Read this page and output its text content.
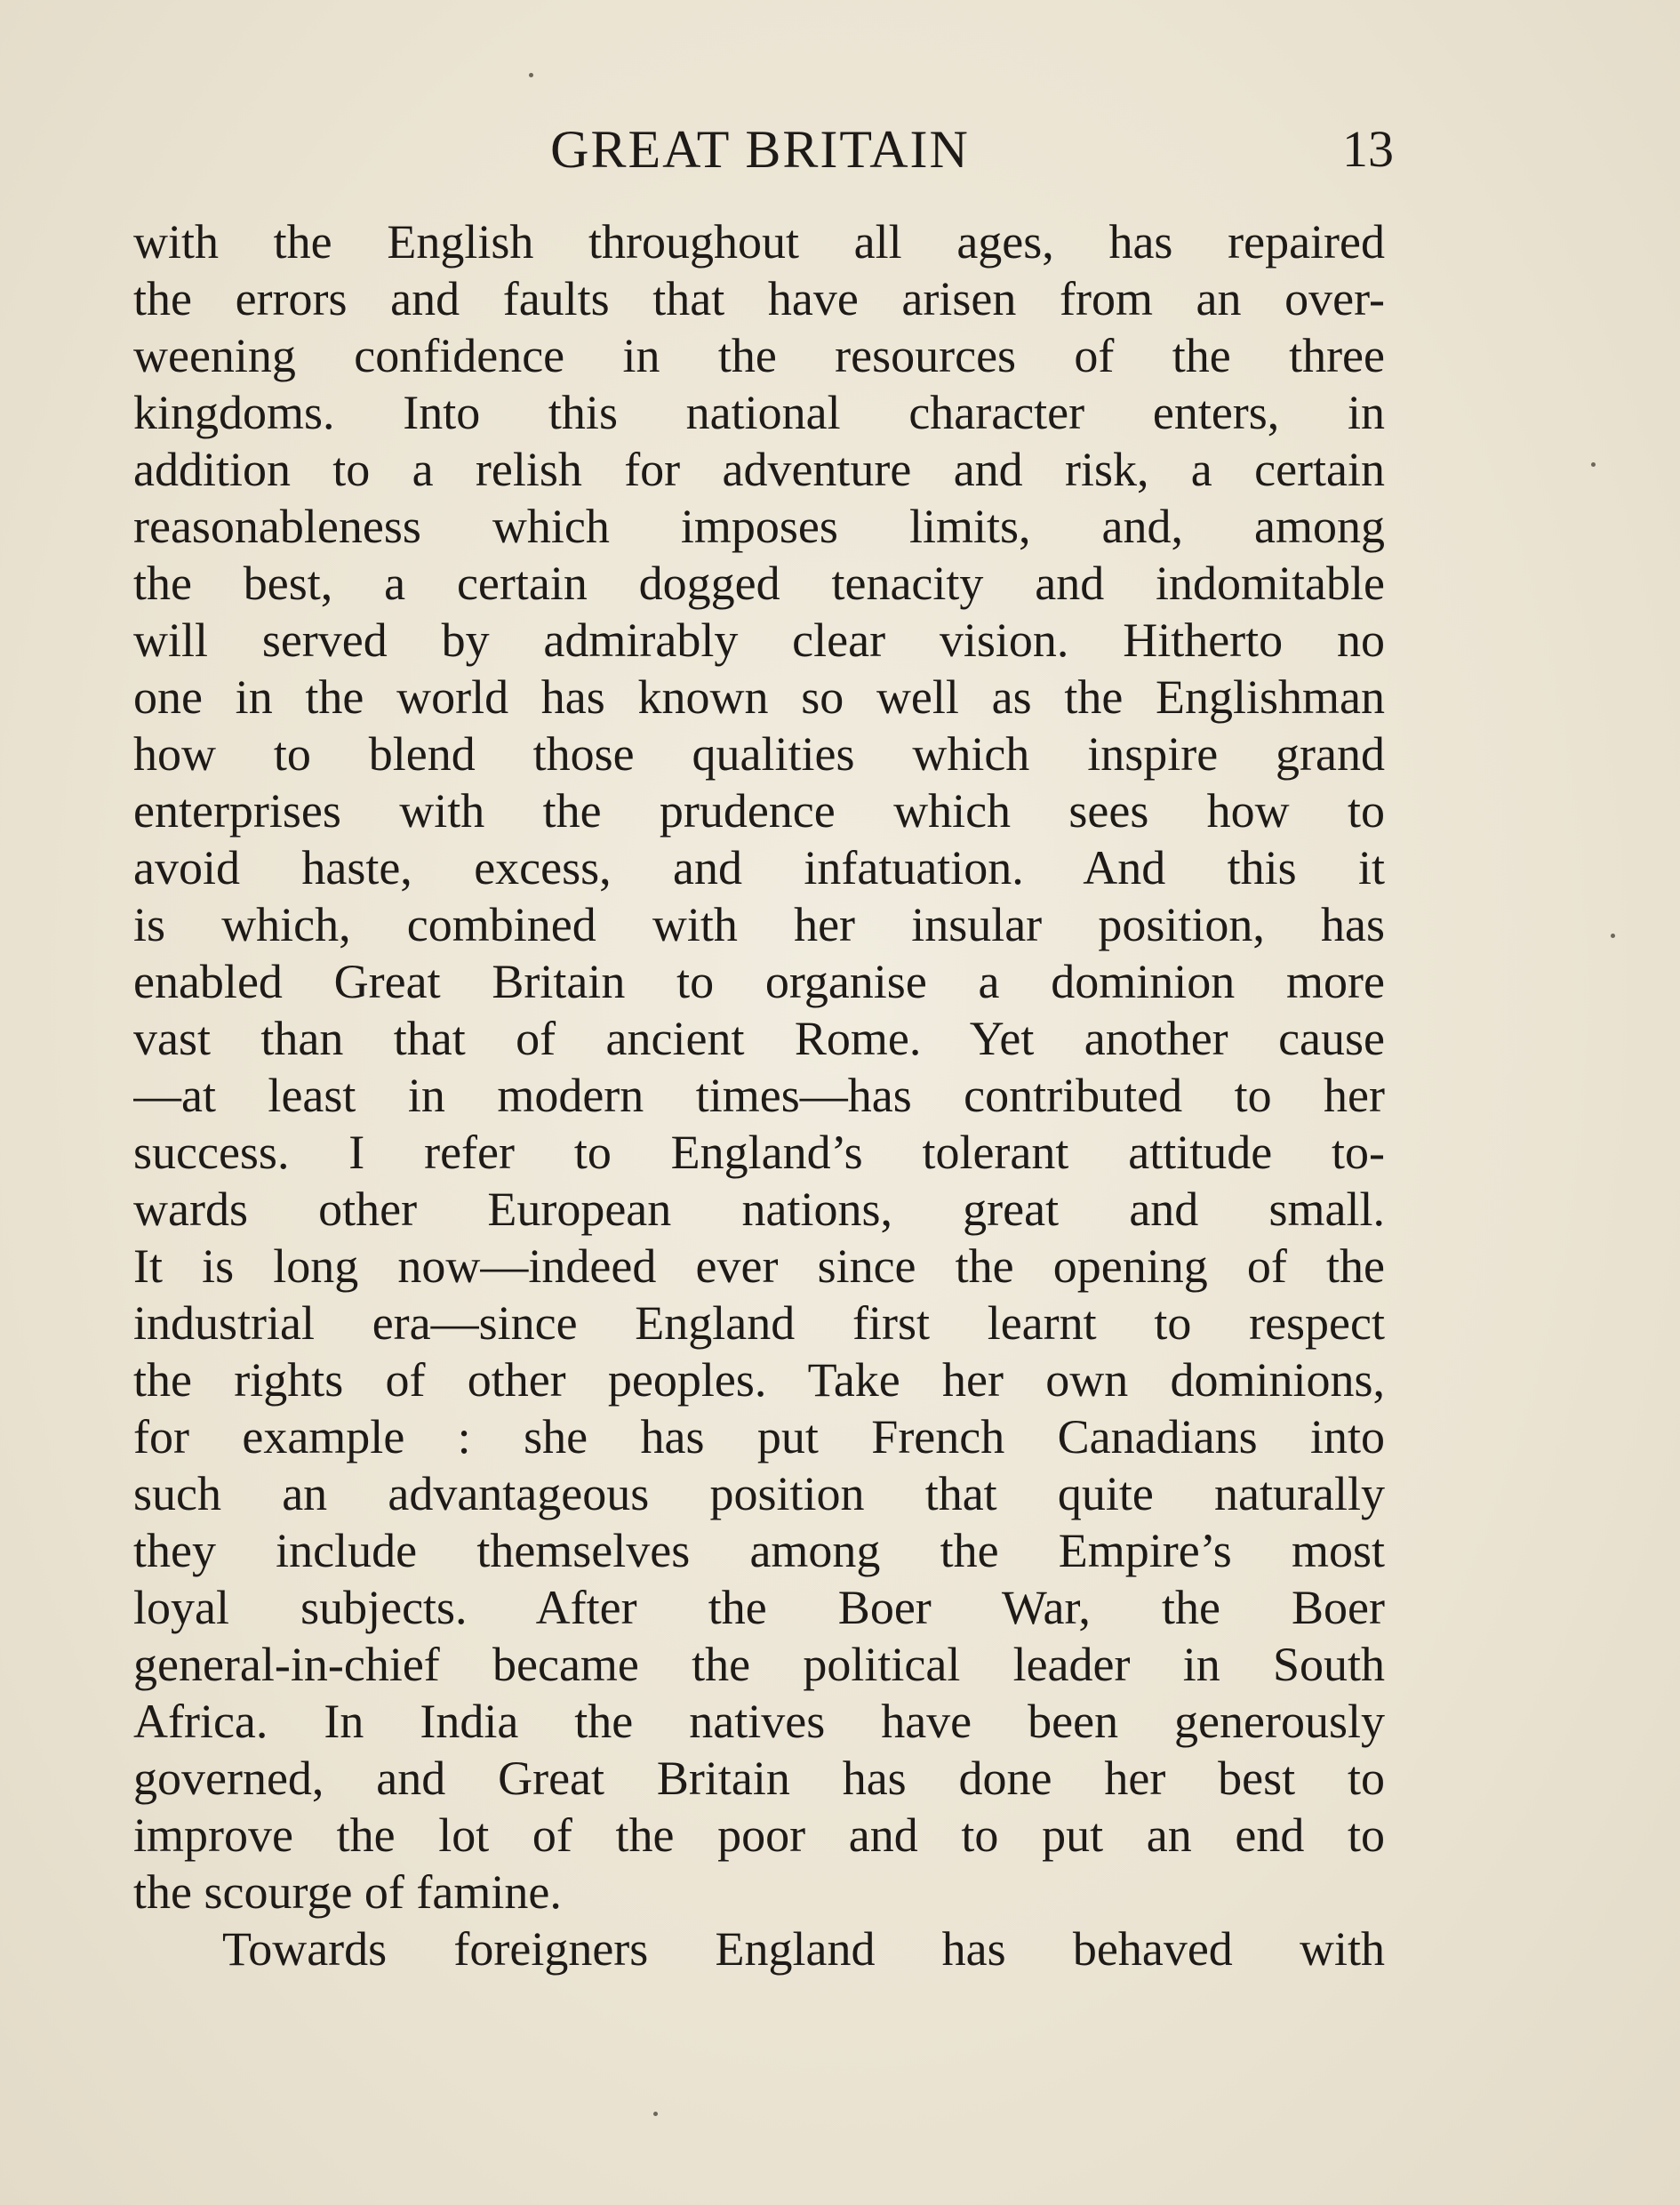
GREAT BRITAIN	13
with the English throughout all ages, has repaired
the errors and faults that have arisen from an over-
weening confidence in the resources of the three
kingdoms. Into this national character enters, in
addition to a relish for adventure and risk, a certain
reasonableness which imposes limits, and, among
the best, a certain dogged tenacity and indomitable
will served by admirably clear vision. Hitherto no
one in the world has known so well as the Englishman
how to blend those qualities which inspire grand
enterprises with the prudence which sees how to
avoid haste, excess, and infatuation. And this it
is which, combined with her insular position, has
enabled Great Britain to organise a dominion more
vast than that of ancient Rome. Yet another cause
—at least in modern times—has contributed to her
success. I refer to England’s tolerant attitude to-
wards other European nations, great and small.
It is long now—indeed ever since the opening of the
industrial era—since England first learnt to respect
the rights of other peoples. Take her own dominions,
for example : she has put French Canadians into
such an advantageous position that quite naturally
they include themselves among the Empire’s most
loyal subjects. After the Boer War, the Boer
general-in-chief became the political leader in South
Africa. In India the natives have been generously
governed, and Great Britain has done her best to
improve the lot of the poor and to put an end to
the scourge of famine.
Towards foreigners England has behaved with
